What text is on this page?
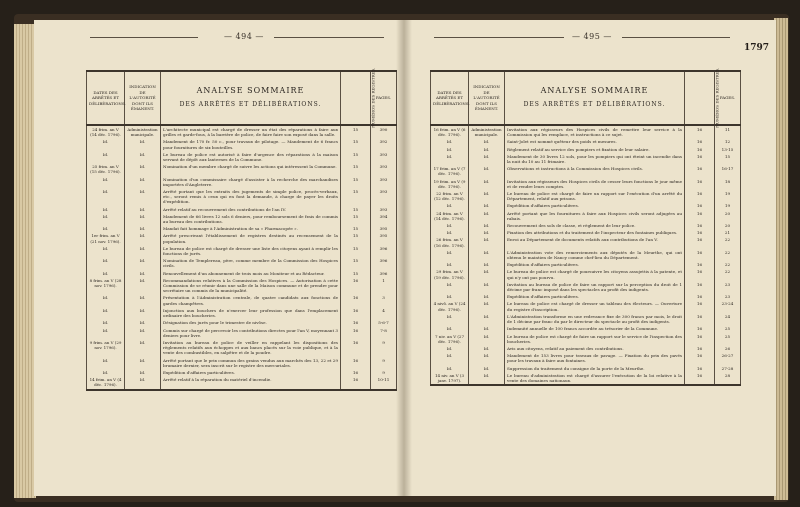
— 494 —
DATES DES ARRÊTÉS ET DÉLIBÉRATIONS.	INDICATION DE L'AUTORITÉ DONT ILS ÉMANENT.	ANALYSE SOMMAIRE
DES ARRÊTÉS ET DÉLIBÉRATIONS.	NUMÉROS DES REGISTRES.	PAGES.
24 frim. an V (14 déc. 1796).	Administration municipale.	L'architecte municipal est chargé de dresser un état des réparations à faire aux grilles et garde-fous, à la barrière de police, de faire faire son exposé dans la salle.	15	390
Id.	Id.	Mandement de 170 fr. 50 c., pour travaux de pilotage. — Mandement de 6 francs pour fournitures de six bouteilles.	15	392
Id.	Id.	Le bureau de police est autorisé à faire d'urgence des réparations à la maison servant de dépôt aux lanternes de la Commune.	15	393
25 frim. an V (15 déc. 1796).	Id.	Nomination d'un membre chargé de suivre les actions qui intéressent la Commune.	15	393
Id.	Id.	Nomination d'un commissaire chargé d'assister à la recherche des marchandises importées d'Angleterre.	15	393
Id.	Id.	Arrêté portant que les extraits des jugements de simple police, procès-verbaux, etc., seront remis à ceux qui en font la demande, à charge de payer les droits d'expédition.	15	393
Id.	Id.	Arrêté relatif au recouvrement des contributions de l'an IV.	15	393
Id.	Id.	Mandement de 66 livres 12 sols 6 deniers, pour remboursement de frais de commis au bureau des contributions.	15	394
Id.	Id.	Mandat fait hommage à l'Administration de sa « Pharmacopée ».	15	395
1er frim. an V (21 nov. 1796).	Id.	Arrêté prescrivant l'établissement de registres destinés au recensement de la population.	15	395
Id.	Id.	Le bureau de police est chargé de dresser une liste des citoyens ayant à remplir les fonctions de jurés.	15	396
Id.	Id.	Nomination de Templereau, père, comme membre de la Commission des Hospices civils.	15	396
Id.	Id.	Renouvellement d'un abonnement de trois mois au Moniteur et au Rédacteur.	15	396
8 frim. an V (28 nov. 1796).	Id.	Recommandations relatives à la Commission des Hospices. — Autorisation à cette Commission de se réunir dans une salle de la Maison commune et de prendre pour secrétaire un commis de la municipalité.	16	1
Id.	Id.	Présentation à l'Administration centrale, de quatre candidats aux fonctions de gardes champêtres.	16	3
Id.	Id.	Injonction aux bouchers de n'exercer leur profession que dans l'emplacement ordinaire des boucheries.	16	4
Id.	Id.	Désignation des jurés pour le trimestre de nivôse.	16	5-6-7
Id.	Id.	Commis sur chargé de percevoir les contributions directes pour l'an V, moyennant 3 deniers pour livre.	16	7-8
9 frim. an V (29 nov. 1796).	Id.	Invitation au bureau de police de veiller en rappelant les dispositions des règlements relatifs aux échoppes et aux bancs placés sur la voie publique, et à la vente des combustibles, en salpêtre et de la poudre.	16	9
Id.	Id.	Arrêté portant que le prix commun des grains vendus aux marchés des 13, 22 et 29 brumaire dernier, sera inscrit sur le registre des mercuriales.	16	9
Id.	Id.	Expédition d'affaires particulières.	16	9
14 frim. an V (4 déc. 1796).	Id.	Arrêté relatif à la réparation du matériel d'incendie.	16	10-11
— 495 —
1797
DATES DES ARRÊTÉS ET DÉLIBÉRATIONS.	INDICATION DE L'AUTORITÉ DONT ILS ÉMANENT.	ANALYSE SOMMAIRE
DES ARRÊTÉS ET DÉLIBÉRATIONS.	NUMÉROS DES REGISTRES.	PAGES.
16 frim. an V (6 déc. 1796).	Administration municipale.	Invitation aux régisseurs des Hospices civils de remettre leur service à la Commission qui les remplace, et instructions à ce sujet.	16	11
Id.	Id.	Saint-Jolet est nommé quêteur des poids et mesures.	16	12
Id.	Id.	Règlement relatif au service des pompiers et fixation de leur salaire.	16	13-15
Id.	Id.	Mandement de 30 livres 12 sols, pour les pompiers qui ont éteint un incendie dans la nuit du 10 au 11 frimaire.	16	15
17 frim. an V (7 déc. 1796).	Id.	Observations et instructions à la Commission des Hospices civils.	16	16-17
19 frim. an V (9 déc. 1796).	Id.	Invitation aux régisseurs des Hospices civils de cesser leurs fonctions le jour même et de rendre leurs comptes.	16	18
22 frim. an V (12 déc. 1796).	Id.	Le bureau de police est chargé de faire un rapport sur l'exécution d'un arrêté du Département, relatif aux prisons.	16	19
Id.	Id.	Expédition d'affaires particulières.	16	19
24 frim. an V (14 déc. 1796).	Id.	Arrêté portant que les fournitures à faire aux Hospices civils seront adjugées au rabais.	16	20
Id.	Id.	Recouvrement des sols de classe, et règlement de leur police.	16	20
Id.	Id.	Fixation des attributions et du traitement de l'inspecteur des fontaines publiques.	16	21
26 frim. an V (16 déc. 1796).	Id.	Envoi au Département de documents relatifs aux contributions de l'an V.	16	22
Id.	Id.	L'Administration vote des remerciements aux députés de la Meurthe, qui ont obtenu le maintien de Nancy comme chef-lieu du Département.	16	22
Id.	Id.	Expédition d'affaires particulières.	16	22
29 frim. an V (19 déc. 1796).	Id.	Le bureau de police est chargé de poursuivre les citoyens assujettis à la patente, et qui n'y ont pas pourvu.	16	22
Id.	Id.	Invitation au bureau de police de faire un rapport sur la perception du droit de 1 décime par franc imposé dans les spectacles au profit des indigents.	16	23
Id.	Id.	Expédition d'affaires particulières.	16	23
4 nivô. an V (24 déc. 1796).	Id.	Le bureau de police est chargé de dresser un tableau des électeurs. — Ouverture du registre d'inscription.	16	23-24
Id.	Id.	L'Administration transforme en une redevance fixe de 300 francs par mois, le droit de 1 décime par franc du par le directeur du spectacle au profit des indigents.	16	24
Id.	Id.	Indemnité annuelle de 100 francs accordée au trésorier de la Commune.	16	25
7 niv. an V (27 déc. 1796).	Id.	Le bureau de police est chargé de faire un rapport sur le service de l'inspection des boucheries.	16	25
Id.	Id.	Avis aux citoyens, relatif au paiement des contributions.	16	26
Id.	Id.	Mandement de 153 livres pour travaux de pavage. — Fixation du prix des pavés pour les travaux à faire aux fontaines.	16	26-27
Id.	Id.	Suppression du traitement du consigne de la porte de la Meurthe.	16	27-28
14 niv. an V (3 janv. 1797).	Id.	Le bureau d'administration est chargé d'assurer l'exécution de la loi relative à la vente des domaines nationaux.	16	28
